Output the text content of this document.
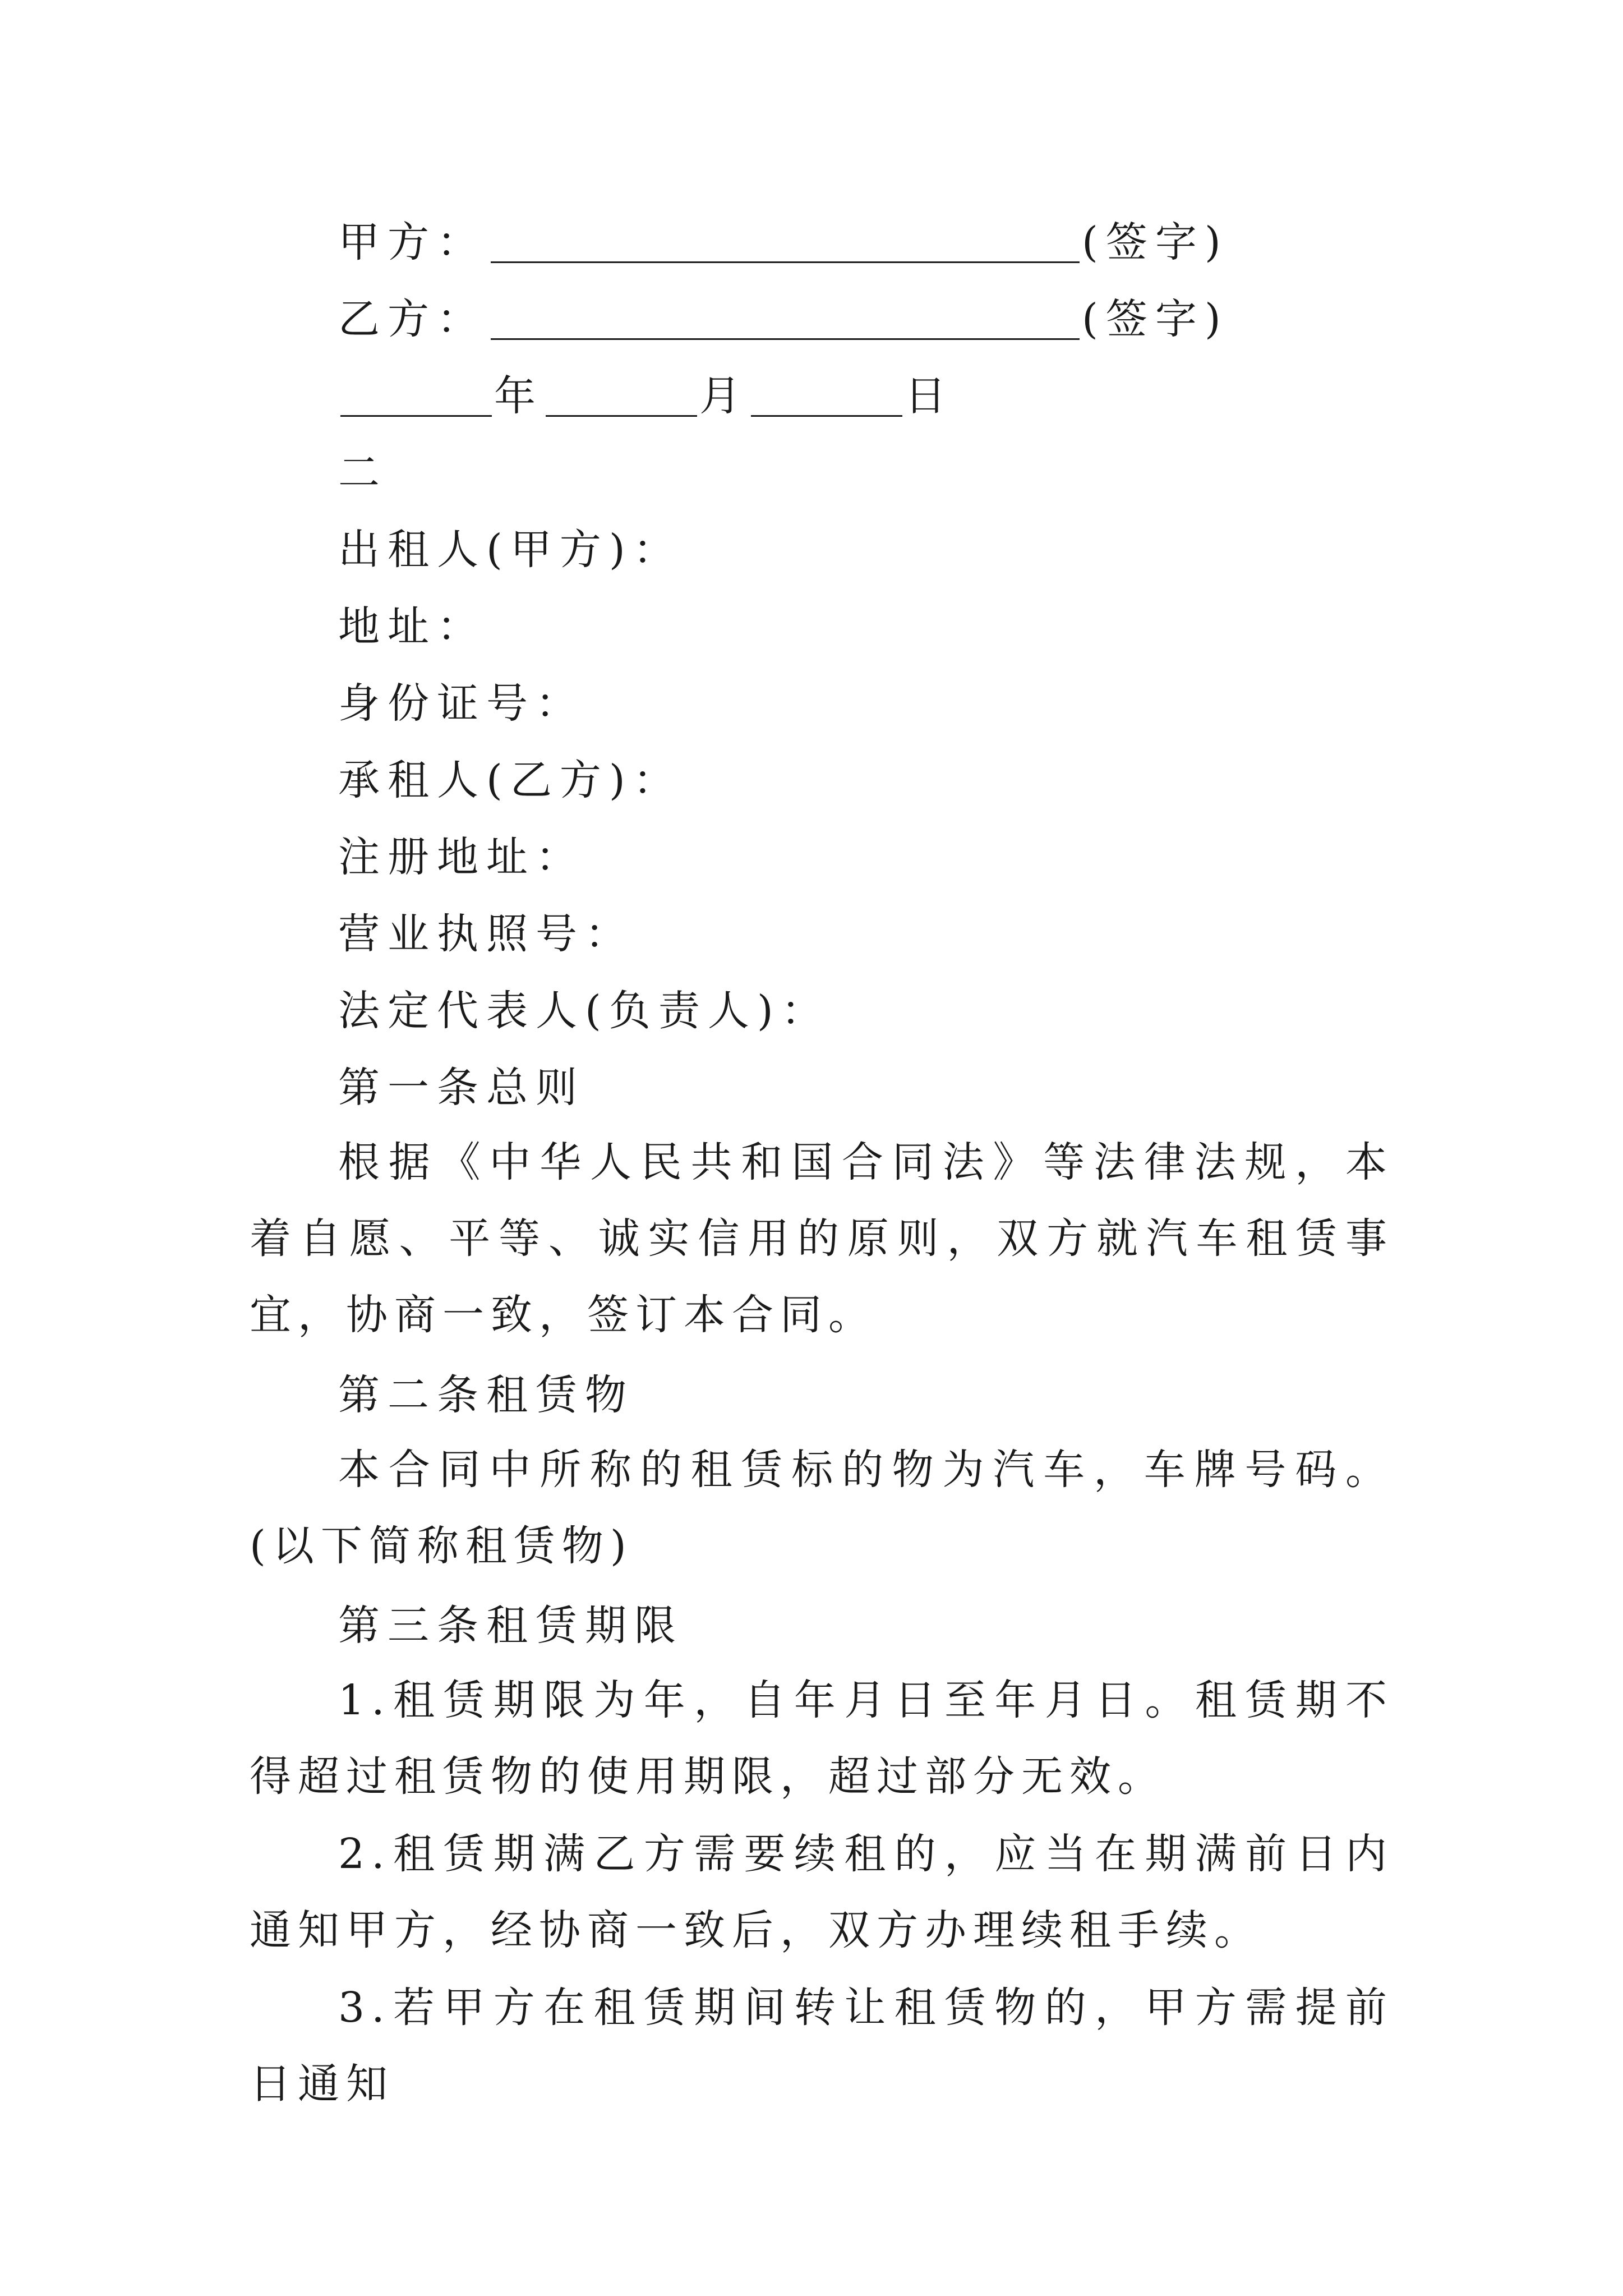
甲方：	(签字)
乙方：	(签字)
年	月	日
二
出租人(甲方)：
地址：
身份证号：
承租人(乙方)：
注册地址：
营业执照号：
法定代表人(负责人)：
第一条总则
根据《中华人民共和国合同法》等法律法规，本着自愿、平等、诚实信用的原则，双方就汽车租赁事宜，协商一致，签订本合同。
第二条租赁物
本合同中所称的租赁标的物为汽车，车牌号码。(以下简称租赁物)
第三条租赁期限
1.租赁期限为年，自年月日至年月日。租赁期不得超过租赁物的使用期限，超过部分无效。
2.租赁期满乙方需要续租的，应当在期满前日内通知甲方，经协商一致后，双方办理续租手续。
3.若甲方在租赁期间转让租赁物的，甲方需提前日通知
